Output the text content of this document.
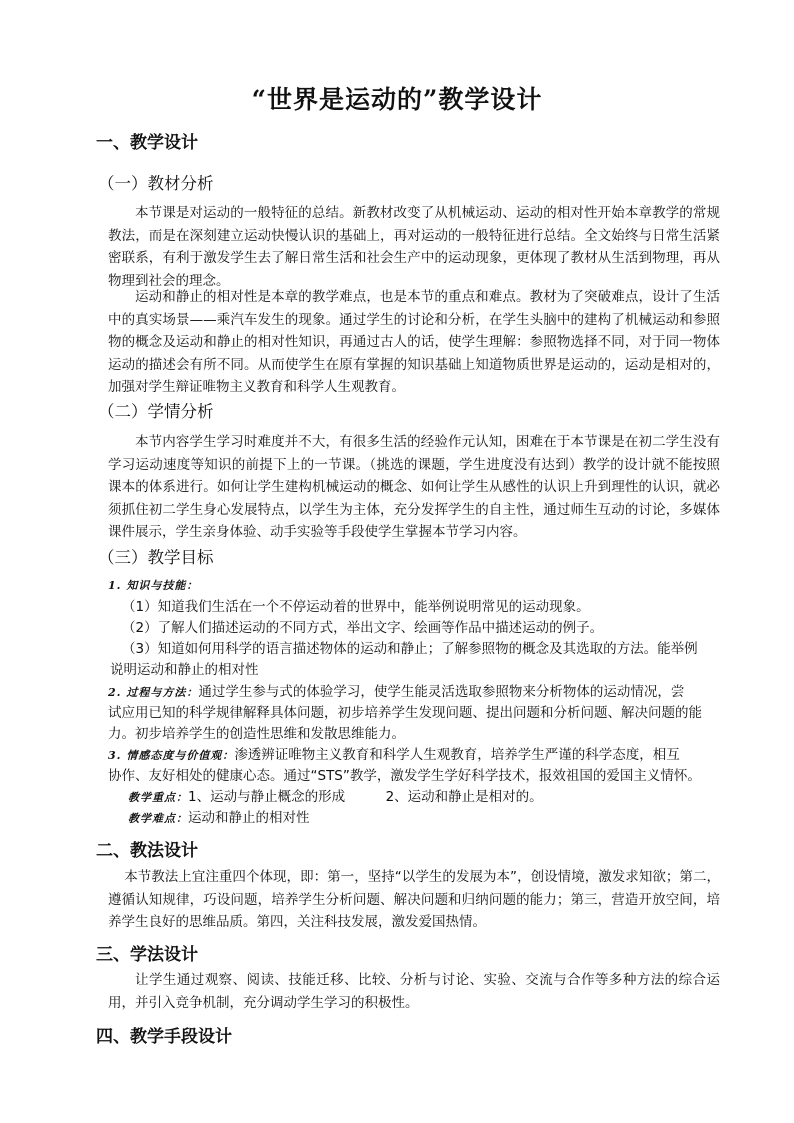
“世界是运动的”教学设计
一、教学设计
（一）教材分析

本节课是对运动的一般特征的总结。新教材改变了从机械运动、运动的相对性开始本章教学的常规教法，而是在深刻建立运动快慢认识的基础上，再对运动的一般特征进行总结。全文始终与日常生活紧密联系，有利于激发学生去了解日常生活和社会生产中的运动现象，更体现了教材从生活到物理，再从物理到社会的理念。

运动和静止的相对性是本章的教学难点，也是本节的重点和难点。教材为了突破难点，设计了生活中的真实场景——乘汽车发生的现象。通过学生的讨论和分析，在学生头脑中的建构了机械运动和参照物的概念及运动和静止的相对性知识，再通过古人的话，使学生理解：参照物选择不同，对于同一物体运动的描述会有所不同。从而使学生在原有掌握的知识基础上知道物质世界是运动的，运动是相对的，加强对学生辩证唯物主义教育和科学人生观教育。

（二）学情分析

本节内容学生学习时难度并不大，有很多生活的经验作元认知，困难在于本节课是在初二学生没有学习运动速度等知识的前提下上的一节课。（挑选的课题，学生进度没有达到）教学的设计就不能按照课本的体系进行。如何让学生建构机械运动的概念、如何让学生从感性的认识上升到理性的认识，就必须抓住初二学生身心发展特点，以学生为主体，充分发挥学生的自主性，通过师生互动的讨论，多媒体课件展示，学生亲身体验、动手实验等手段使学生掌握本节学习内容。

（三）教学目标
1. 知识与技能：
（1）知道我们生活在一个不停运动着的世界中，能举例说明常见的运动现象。
（2）了解人们描述运动的不同方式，举出文字、绘画等作品中描述运动的例子。
（3）知道如何用科学的语言描述物体的运动和静止；了解参照物的概念及其选取的方法。能举例
说明运动和静止的相对性
2. 过程与方法：通过学生参与式的体验学习，使学生能灵活选取参照物来分析物体的运动情况，尝
试应用已知的科学规律解释具体问题，初步培养学生发现问题、提出问题和分析问题、解决问题的能
力。初步培养学生的创造性思维和发散思维能力。
3. 情感态度与价值观：渗透辨证唯物主义教育和科学人生观教育，培养学生严谨的科学态度，相互
协作、友好相处的健康心态。通过“STS”教学，激发学生学好科学技术，报效祖国的爱国主义情怀。
教学重点：1、运动与静止概念的形成　　　2、运动和静止是相对的。
教学难点：运动和静止的相对性
二、教法设计

本节教法上宜注重四个体现，即：第一，坚持“以学生的发展为本”，创设情境，激发求知欲；第二，遵循认知规律，巧设问题，培养学生分析问题、解决问题和归纳问题的能力；第三，营造开放空间，培养学生良好的思维品质。第四，关注科技发展，激发爱国热情。

三、学法设计

让学生通过观察、阅读、技能迁移、比较、分析与讨论、实验、交流与合作等多种方法的综合运用，并引入竞争机制，充分调动学生学习的积极性。

四、教学手段设计
